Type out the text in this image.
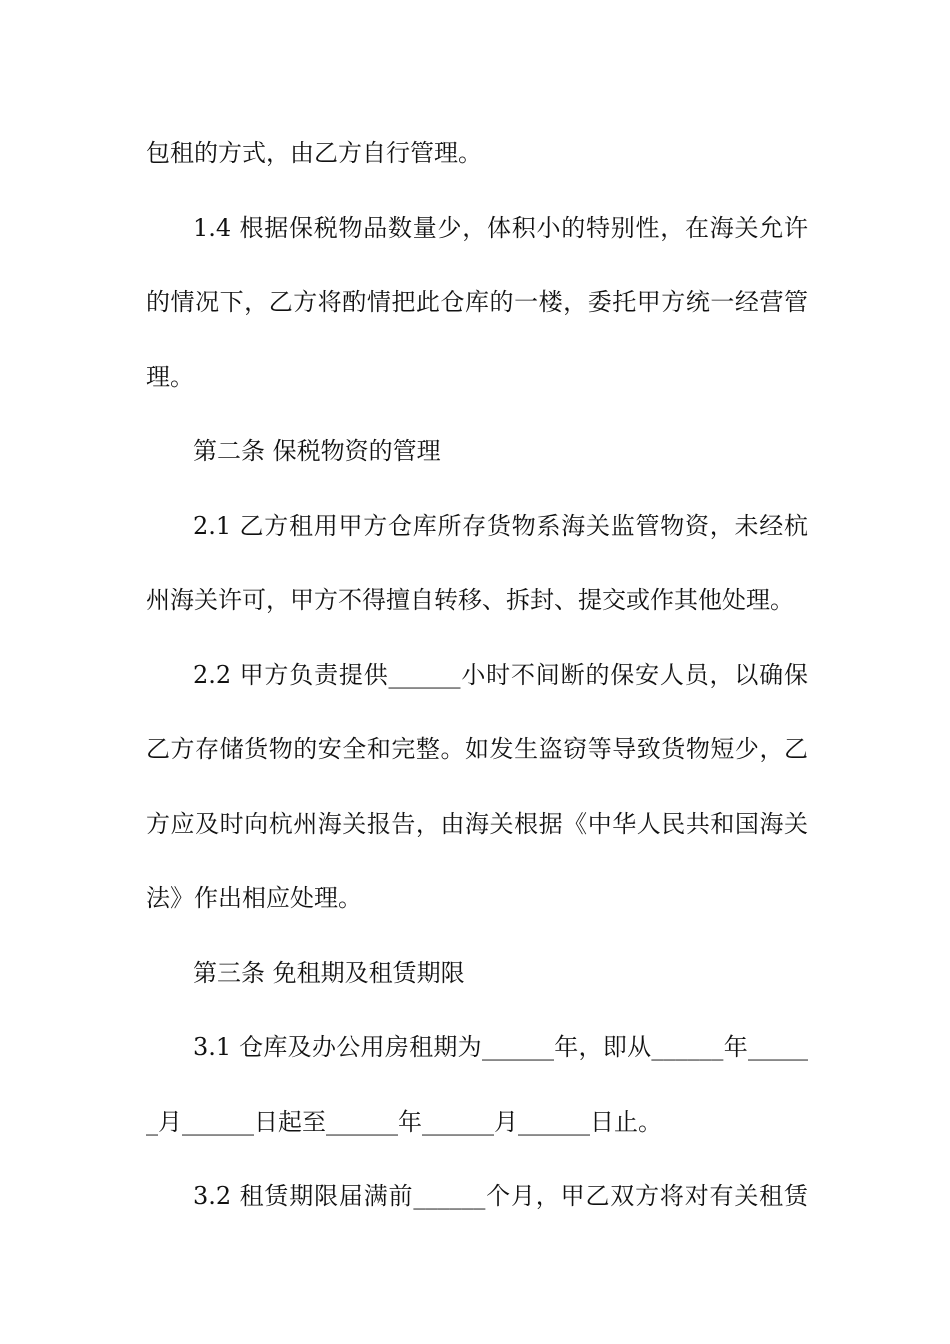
包租的方式，由乙方自行管理。
1.4 根据保税物品数量少，体积小的特别性，在海关允许
的情况下，乙方将酌情把此仓库的一楼，委托甲方统一经营管
理。
第二条 保税物资的管理
2.1 乙方租用甲方仓库所存货物系海关监管物资，未经杭
州海关许可，甲方不得擅自转移、拆封、提交或作其他处理。
2.2 甲方负责提供______小时不间断的保安人员，以确保
乙方存储货物的安全和完整。如发生盗窃等导致货物短少，乙
方应及时向杭州海关报告，由海关根据《中华人民共和国海关
法》作出相应处理。
第三条 免租期及租赁期限
3.1 仓库及办公用房租期为______年，即从______年_____
_月______日起至______年______月______日止。
3.2 租赁期限届满前______个月，甲乙双方将对有关租赁
